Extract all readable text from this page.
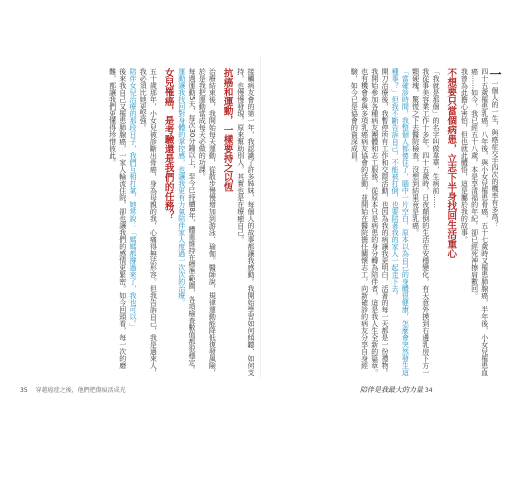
一一個人的一生，與癌症交手四次的機率有多高？

四十五歲罹患乳癌，八年後，與小女兒罹患骨癌，五十七歲時又罹患肺腺癌，半年後，小女兒罹患血癌……如今，我已經五十八歲，本是享清福的年紀，卻已經死神擦肩數回。

我曾為此擔心害怕，但也就此體悟，這是屬於我的故事。

不想要只當個病患，立志下半身找回生活重心

「我就是那個」的名字叫做韋華，生病前……

我從事美容業工作十多年，四十五歲時，日夜顛倒的生活在安穩變化，有天意外摸到右邊乳房下方一顆硬塊，驚慌之下去醫院檢查，沒想到結果竟是乳癌。

「當確診時間，我整個人都傻住了，腦中一片空白，原本以為自己的身體很健康，怎麼會突然發生這種事？」但我不斷告訴自己，不能被打倒，也要陪著我的家人一起走下去。

開刀治療後，我暫停所有工作和交際活動，也因為我的病讓我更明白，活著的每一天都是一份禮物。我開始參加各種病友團體和志工服務，從原本只是病患的身分轉為陪伴者，這是我人生全新的篇章。

也有機會參與多項乳癌病友協會的活動，並開始在醫院擔任關懷志工，向新確診的病友分享自身經驗，如今已是協會的資深成員。

接觸病友會的第一年，我認識了許多姊妹，每個人的故事都讓我感動。我開始學習如何傾聽、如何支持，也慢慢發現，原來幫助別人，其實也是在療癒自己。

抗癌和運動，一樣要持之以恆

治療結束後，我開始每天運動，從散步慢慢增加到游泳、瑜伽。醫師說，規律運動能降低復發風險，於是我把運動當成每天必做的功課。

每週運動5天，每次30分鐘以上，至今已持續8年，體重維持在標準範圍，各項檢查數值都很穩定。

運動讓我找回對身體的掌控感，也讓我更有力氣陪伴家人度過一次次的治療。

女兒罹癌，是考驗還是我們的任務？

五十歲那年，小女兒被診斷出骨癌，身為母親的我，心痛得無法形容。但我告訴自己，我是過來人，我必須比她更堅強。

陪伴女兒治療的那段日子，我們互相打氣，她常說：「媽媽都撐過來了，我也可以。」

後來我自己又罹患肺腺癌，一家人輪流住院，卻也讓我們的感情更緊密。如今回頭看，每一次的磨難，都讓我們更懂得珍惜彼此。

35 穿越癌症之後，他們把傷痕活成光	陪伴是我最大的力量 34
